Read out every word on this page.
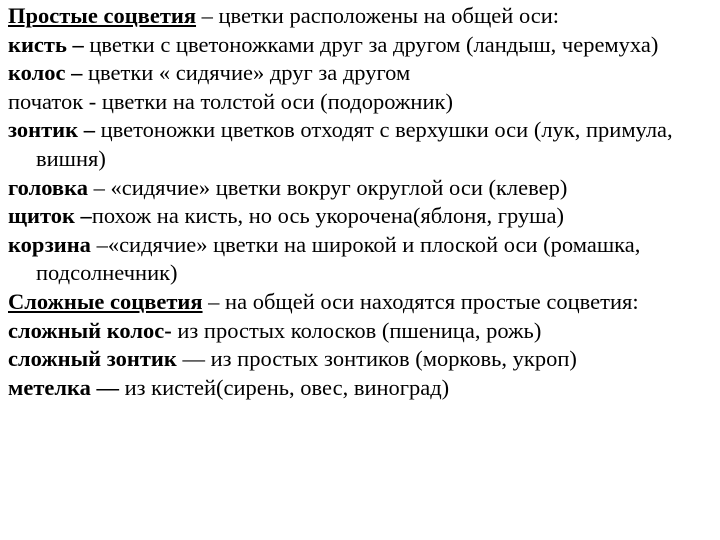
Простые соцветия – цветки расположены на общей оси:

кисть – цветки с цветоножками друг за другом (ландыш, черемуха)

колос – цветки « сидячие» друг за другом

початок - цветки на толстой оси (подорожник)

зонтик – цветоножки цветков отходят с верхушки оси (лук, примула, вишня)

головка – «сидячие» цветки вокруг округлой оси (клевер)

щиток –похож на кисть, но ось укорочена(яблоня, груша)

корзина –«сидячие» цветки на широкой и плоской оси (ромашка, подсолнечник)

Сложные соцветия – на общей оси находятся простые соцветия:

сложный колос- из простых колосков (пшеница, рожь)

сложный зонтик — из простых зонтиков (морковь, укроп)

метелка — из кистей(сирень, овес, виноград)
